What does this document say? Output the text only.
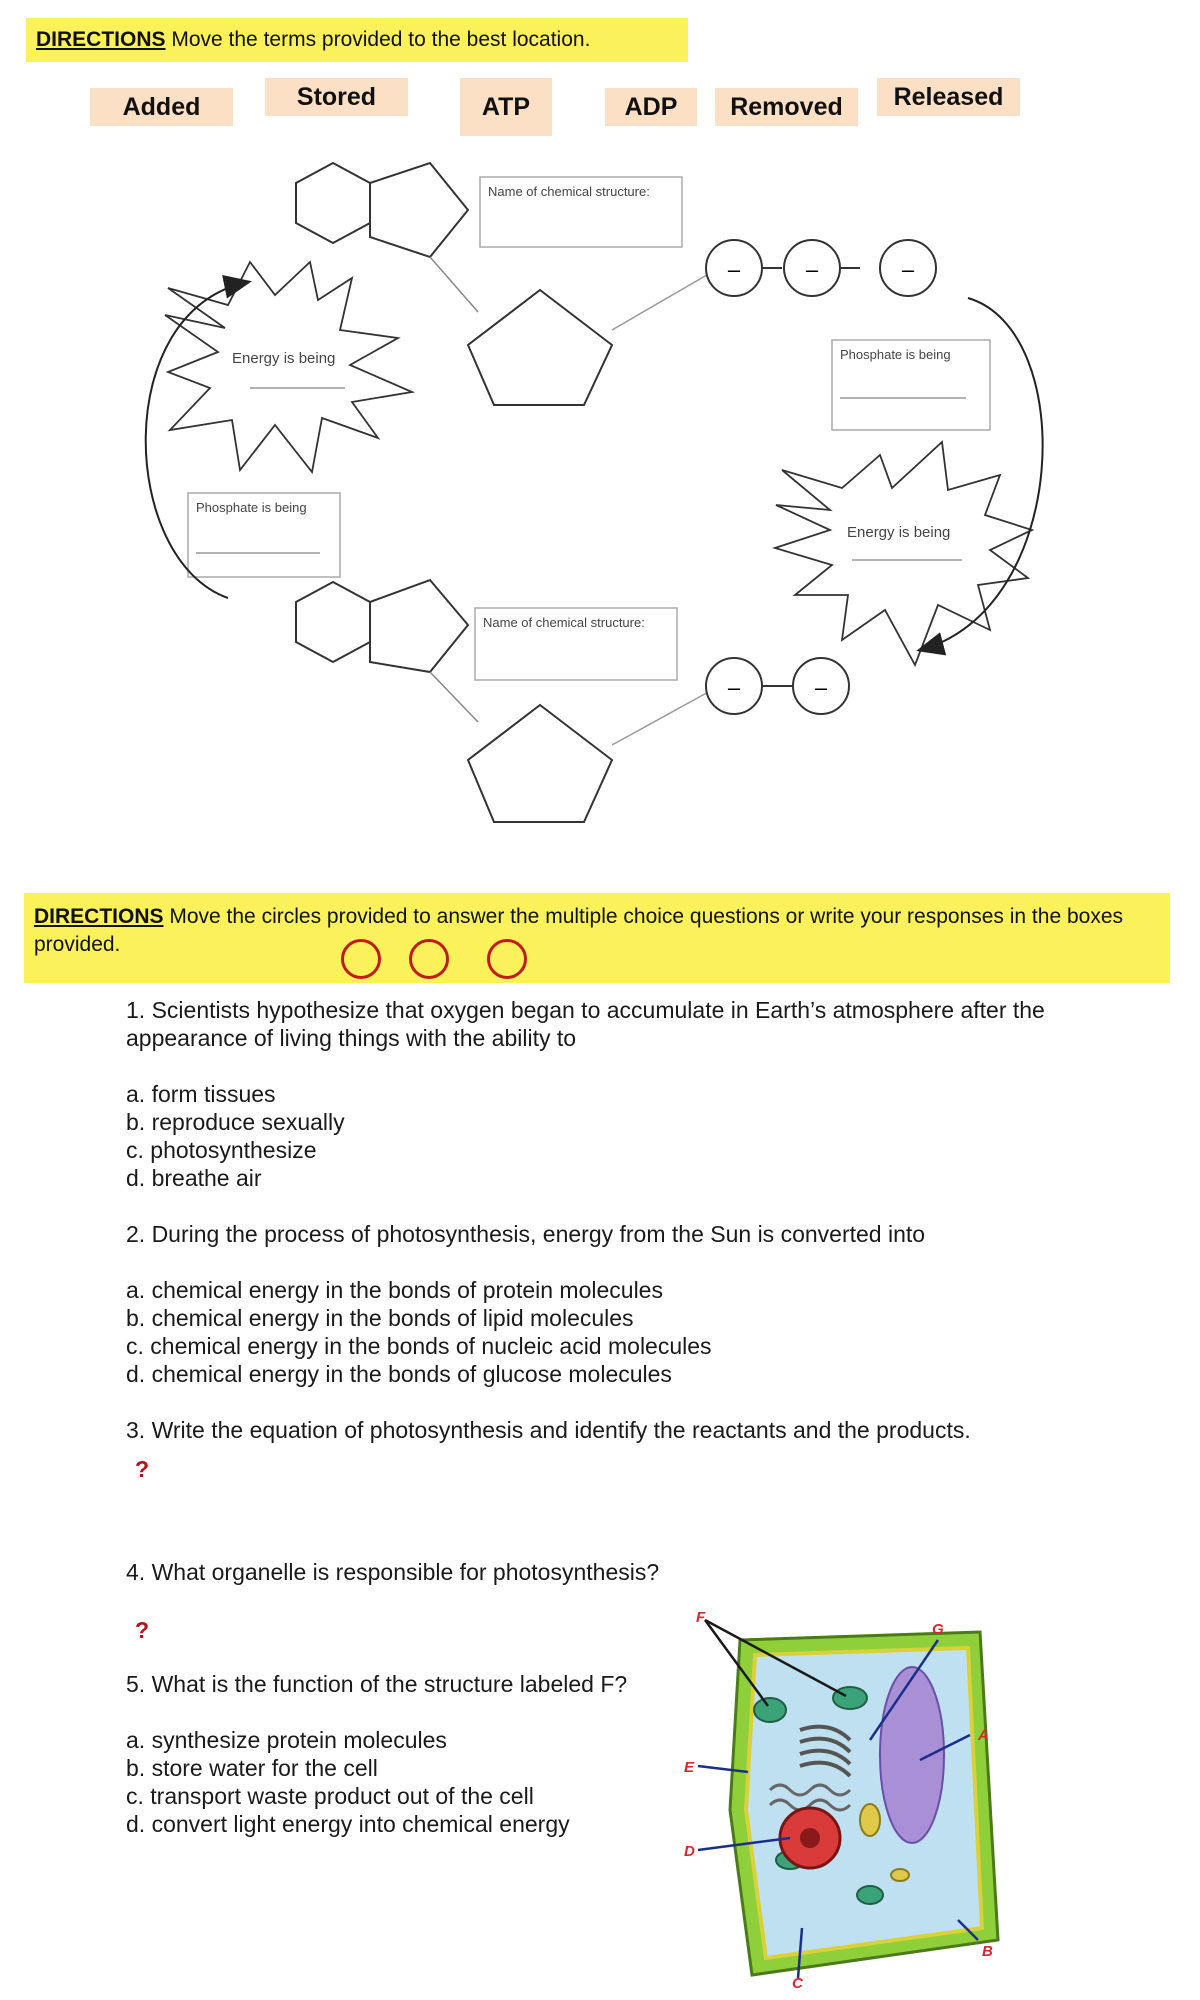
DIRECTIONS Move the terms provided to the best location.
Added	Stored	ATP	ADP	Removed	Released
–	–	–
Name of chemical structure:
Energy is being
Phosphate is being
Phosphate is being
Energy is being
–	–
Name of chemical structure:
DIRECTIONS Move the circles provided to answer the multiple choice questions or write your responses in the boxes provided.
1. Scientists hypothesize that oxygen began to accumulate in Earth’s atmosphere after the appearance of living things with the ability to
a. form tissues
b. reproduce sexually
c. photosynthesize
d. breathe air
2. During the process of photosynthesis, energy from the Sun is converted into
a. chemical energy in the bonds of protein molecules
b. chemical energy in the bonds of lipid molecules
c. chemical energy in the bonds of nucleic acid molecules
d. chemical energy in the bonds of glucose molecules
3. Write the equation of photosynthesis and identify the reactants and the products.
?
4. What organelle is responsible for photosynthesis?
?
5. What is the function of the structure labeled F?
a. synthesize protein molecules
b. store water for the cell
c. transport waste product out of the cell
d. convert light energy into chemical energy
F
G
A
E
D
B
C
